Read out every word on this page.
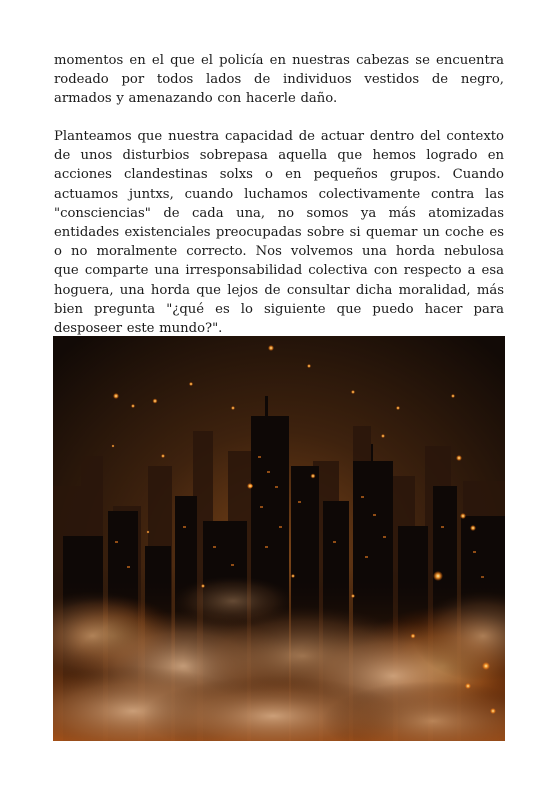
momentos en el que el policía en nuestras cabezas se encuentra
rodeado por todos lados de individuos vestidos de negro,
armados y amenazando con hacerle daño.
Planteamos que nuestra capacidad de actuar dentro del contexto
de unos disturbios sobrepasa aquella que hemos logrado en
acciones clandestinas solxs o en pequeños grupos. Cuando
actuamos juntxs, cuando luchamos colectivamente contra las
"consciencias" de cada una, no somos ya más atomizadas
entidades existenciales preocupadas sobre si quemar un coche es
o no moralmente correcto. Nos volvemos una horda nebulosa
que comparte una irresponsabilidad colectiva con respecto a esa
hoguera, una horda que lejos de consultar dicha moralidad, más
bien pregunta "¿qué es lo siguiente que puedo hacer para
desposeer este mundo?".
